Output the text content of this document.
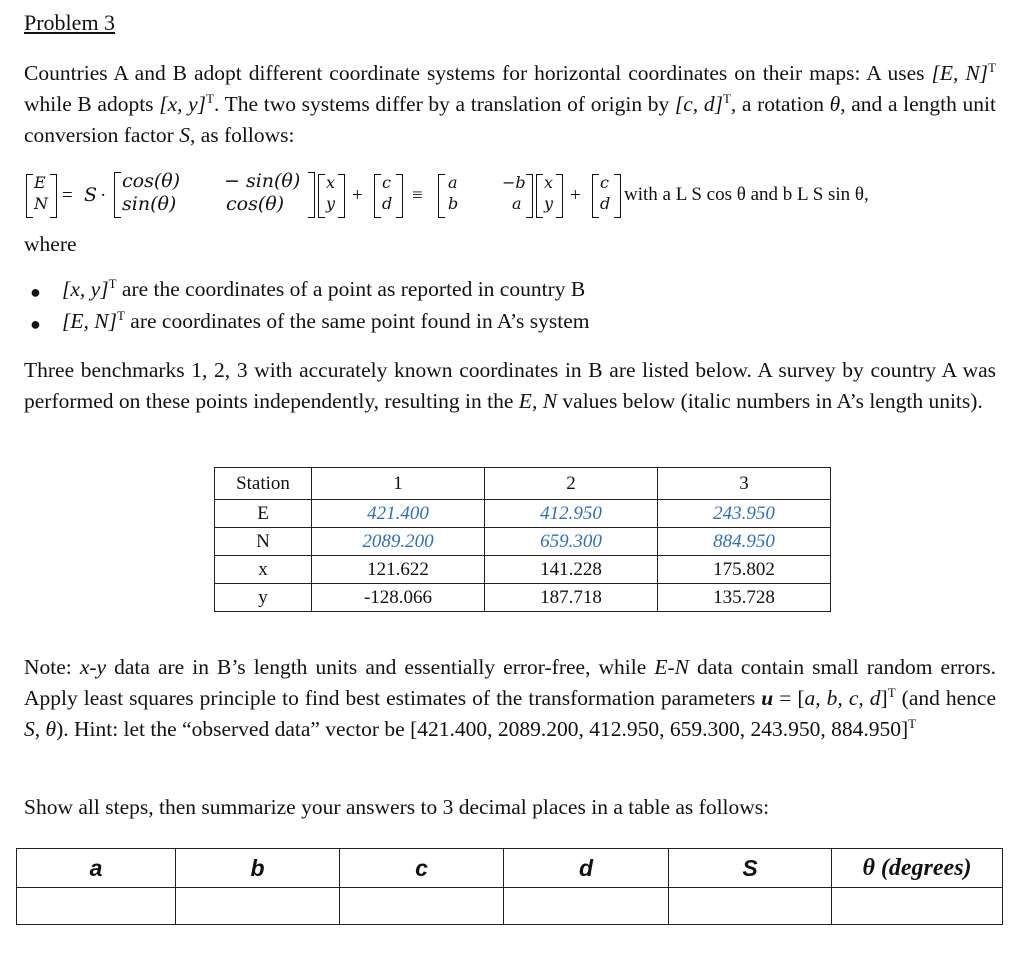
Problem 3
Countries A and B adopt different coordinate systems for horizontal coordinates on their maps: A uses [E, N]$^T$ while B adopts [x, y]$^T$. The two systems differ by a translation of origin by [c, d]$^T$, a rotation θ, and a length unit conversion factor S, as follows:
E
N = S ·
cos(θ)
sin(θ)
− sin(θ)
cos(θ)
x
y +
c
d ≡
a
b
−b
a
x
y +
c
d with a L S cos θ and b L S sin θ,
where
● [x, y]$^T$ are the coordinates of a point as reported in country B
● [E, N]$^T$ are coordinates of the same point found in A’s system
Three benchmarks 1, 2, 3 with accurately known coordinates in B are listed below. A survey by country A was performed on these points independently, resulting in the E, N values below (italic numbers in A’s length units).
Station	1	2	3
E	421.400	412.950	243.950
N	2089.200	659.300	884.950
x	121.622	141.228	175.802
y	-128.066	187.718	135.728
Note: x-y data are in B’s length units and essentially error-free, while E-N data contain small random errors. Apply least squares principle to find best estimates of the transformation parameters u = [a, b, c, d]$^T$ (and hence S, θ). Hint: let the “observed data” vector be [421.400, 2089.200, 412.950, 659.300, 243.950, 884.950]$^T$
Show all steps, then summarize your answers to 3 decimal places in a table as follows:
a	b	c	d	S	θ (degrees)
